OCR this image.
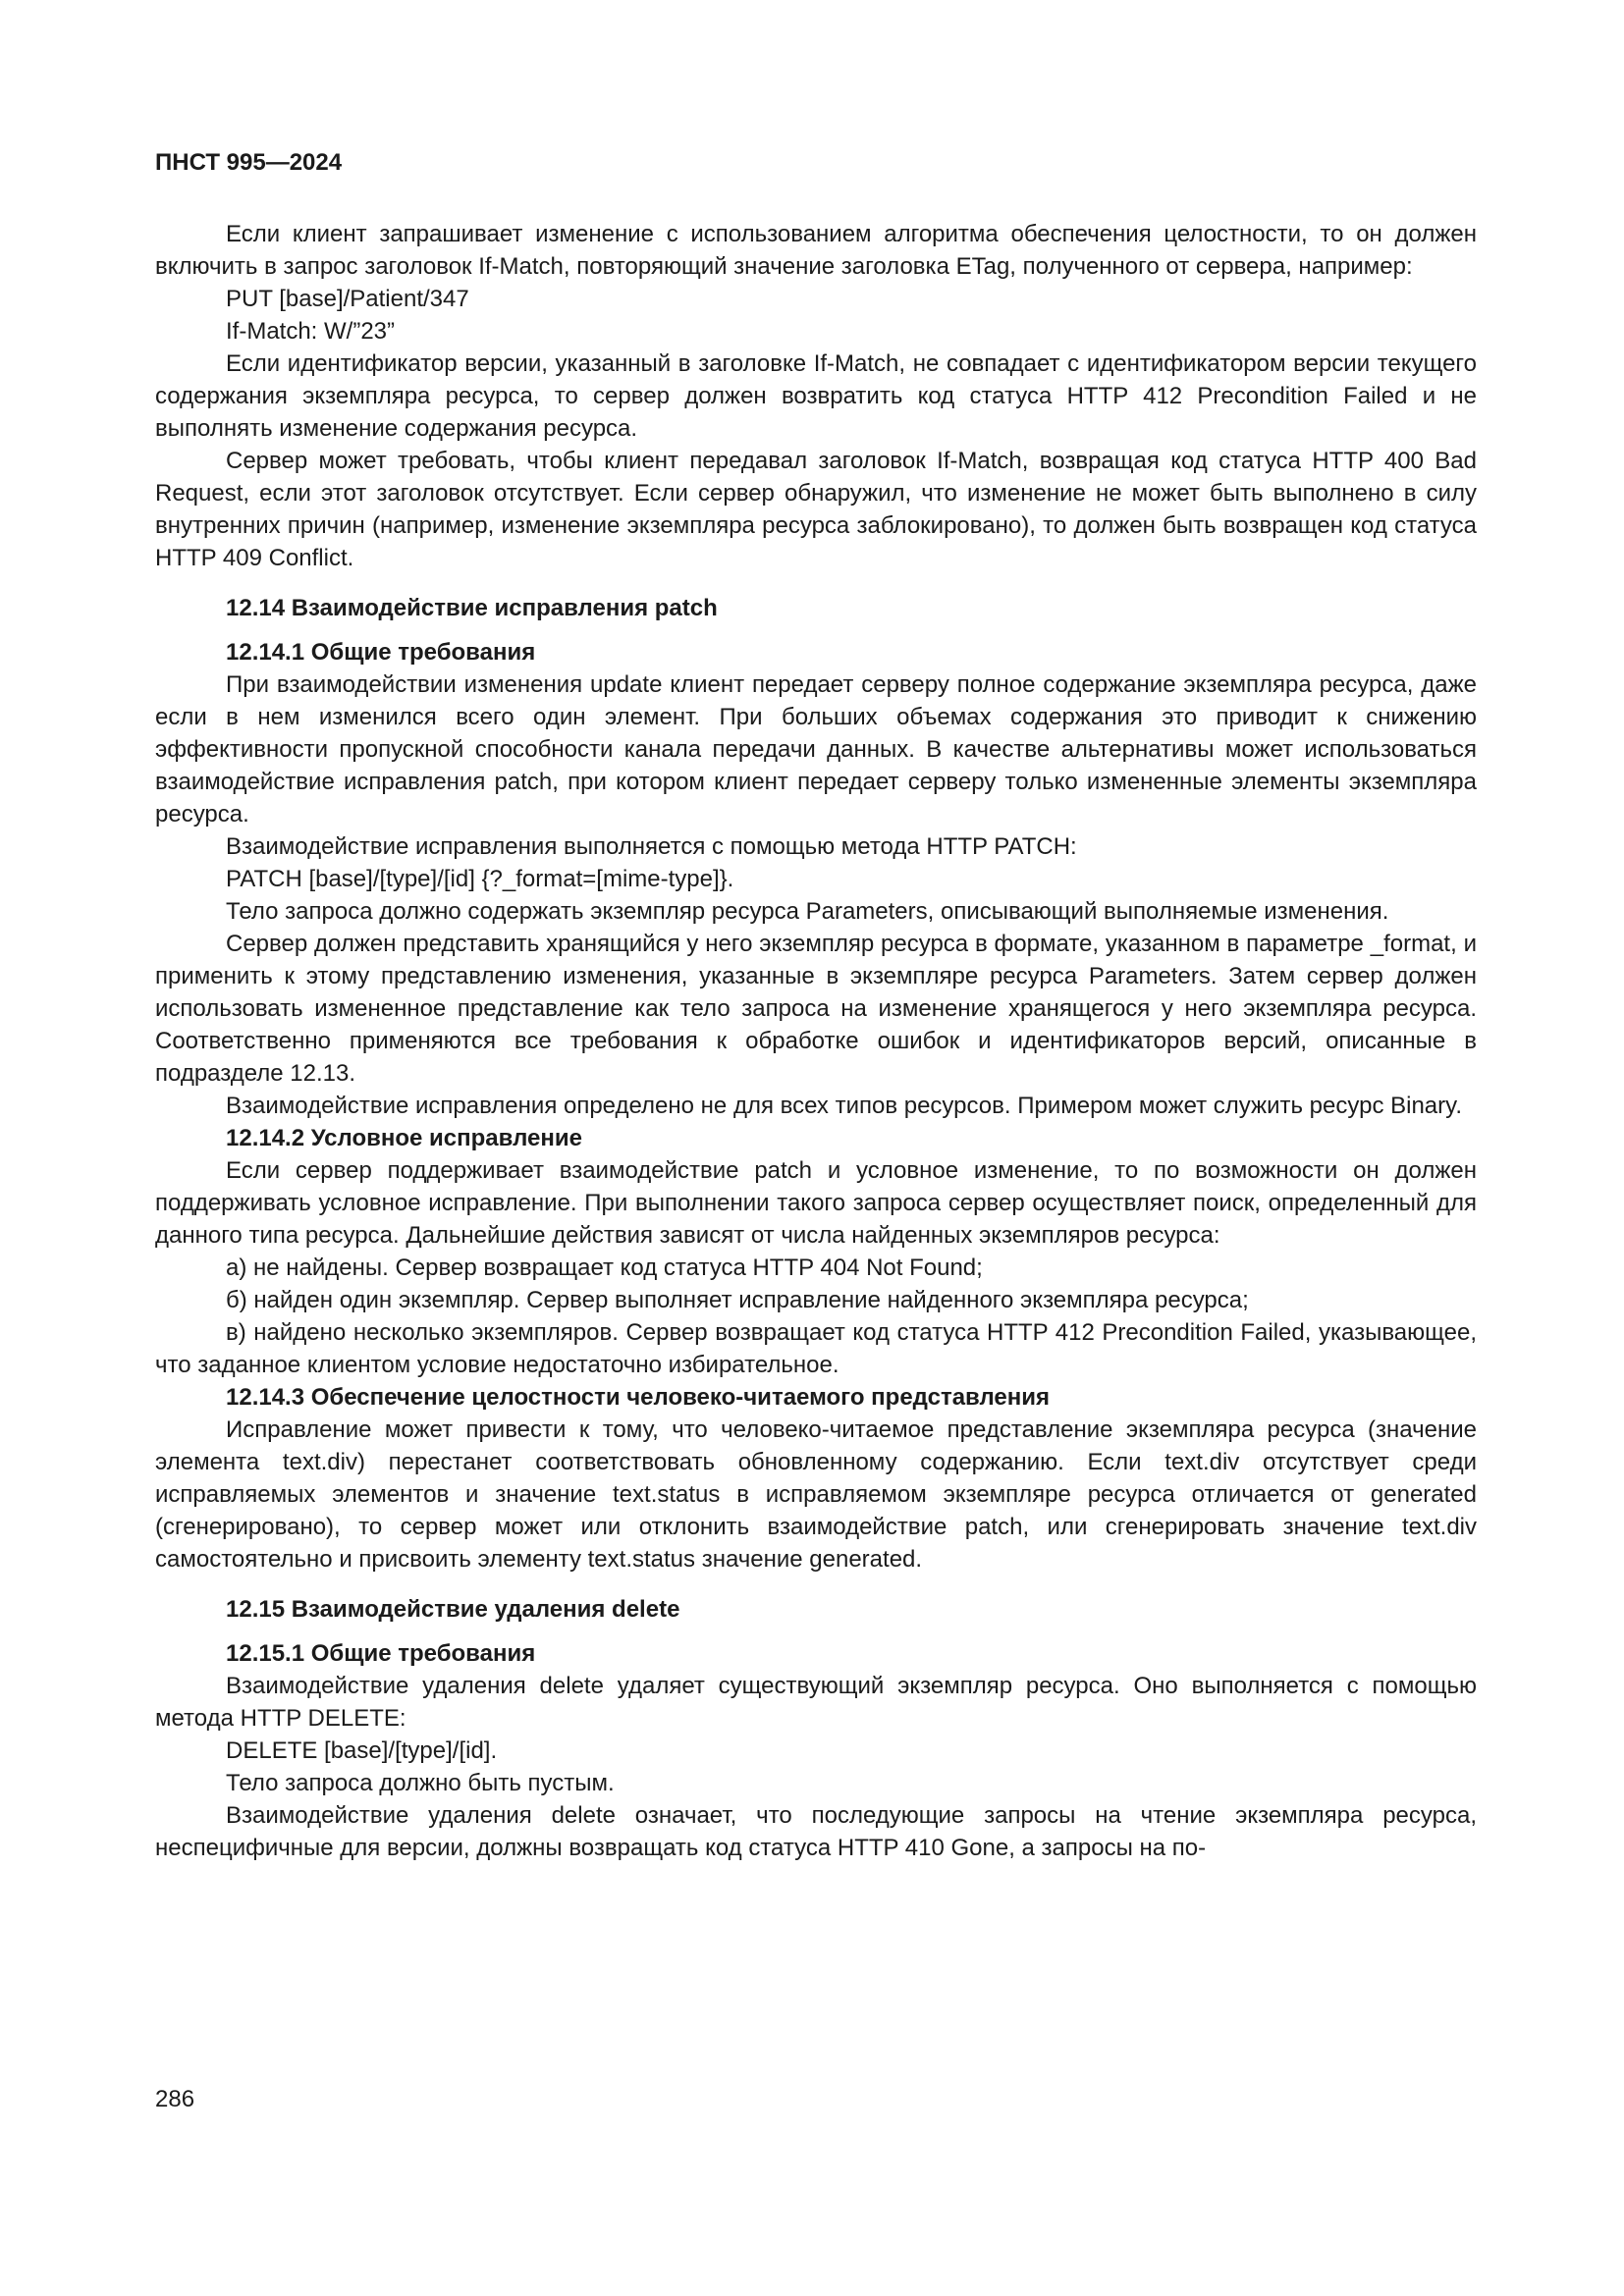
ПНСТ 995—2024

Если клиент запрашивает изменение с использованием алгоритма обеспечения целостности, то он должен включить в запрос заголовок If-Match, повторяющий значение заголовка ETag, полученного от сервера, например:

PUT [base]/Patient/347

If-Match: W/”23”

Если идентификатор версии, указанный в заголовке If-Match, не совпадает с идентификатором версии текущего содержания экземпляра ресурса, то сервер должен возвратить код статуса HTTP 412 Precondition Failed и не выполнять изменение содержания ресурса.

Сервер может требовать, чтобы клиент передавал заголовок If-Match, возвращая код статуса HTTP 400 Bad Request, если этот заголовок отсутствует. Если сервер обнаружил, что изменение не может быть выполнено в силу внутренних причин (например, изменение экземпляра ресурса заблокировано), то должен быть возвращен код статуса HTTP 409 Conflict.

12.14 Взаимодействие исправления patch
12.14.1 Общие требования

При взаимодействии изменения update клиент передает серверу полное содержание экземпляра ресурса, даже если в нем изменился всего один элемент. При больших объемах содержания это приводит к снижению эффективности пропускной способности канала передачи данных. В качестве альтернативы может использоваться взаимодействие исправления patch, при котором клиент передает серверу только измененные элементы экземпляра ресурса.

Взаимодействие исправления выполняется с помощью метода HTTP PATCH:

PATCH [base]/[type]/[id] {?_format=[mime-type]}.

Тело запроса должно содержать экземпляр ресурса Parameters, описывающий выполняемые изменения.

Сервер должен представить хранящийся у него экземпляр ресурса в формате, указанном в параметре _format, и применить к этому представлению изменения, указанные в экземпляре ресурса Parameters. Затем сервер должен использовать измененное представление как тело запроса на изменение хранящегося у него экземпляра ресурса. Соответственно применяются все требования к обработке ошибок и идентификаторов версий, описанные в подразделе 12.13.

Взаимодействие исправления определено не для всех типов ресурсов. Примером может служить ресурс Binary.

12.14.2 Условное исправление

Если сервер поддерживает взаимодействие patch и условное изменение, то по возможности он должен поддерживать условное исправление. При выполнении такого запроса сервер осуществляет поиск, определенный для данного типа ресурса. Дальнейшие действия зависят от числа найденных экземпляров ресурса:

а) не найдены. Сервер возвращает код статуса HTTP 404 Not Found;

б) найден один экземпляр. Сервер выполняет исправление найденного экземпляра ресурса;

в) найдено несколько экземпляров. Сервер возвращает код статуса HTTP 412 Precondition Failed, указывающее, что заданное клиентом условие недостаточно избирательное.

12.14.3 Обеспечение целостности человеко-читаемого представления

Исправление может привести к тому, что человеко-читаемое представление экземпляра ресурса (значение элемента text.div) перестанет соответствовать обновленному содержанию. Если text.div отсутствует среди исправляемых элементов и значение text.status в исправляемом экземпляре ресурса отличается от generated (сгенерировано), то сервер может или отклонить взаимодействие patch, или сгенерировать значение text.div самостоятельно и присвоить элементу text.status значение generated.

12.15 Взаимодействие удаления delete
12.15.1 Общие требования

Взаимодействие удаления delete удаляет существующий экземпляр ресурса. Оно выполняется с помощью метода HTTP DELETE:

DELETE [base]/[type]/[id].

Тело запроса должно быть пустым.

Взаимодействие удаления delete означает, что последующие запросы на чтение экземпляра ресурса, неспецифичные для версии, должны возвращать код статуса HTTP 410 Gone, а запросы на по-

286
